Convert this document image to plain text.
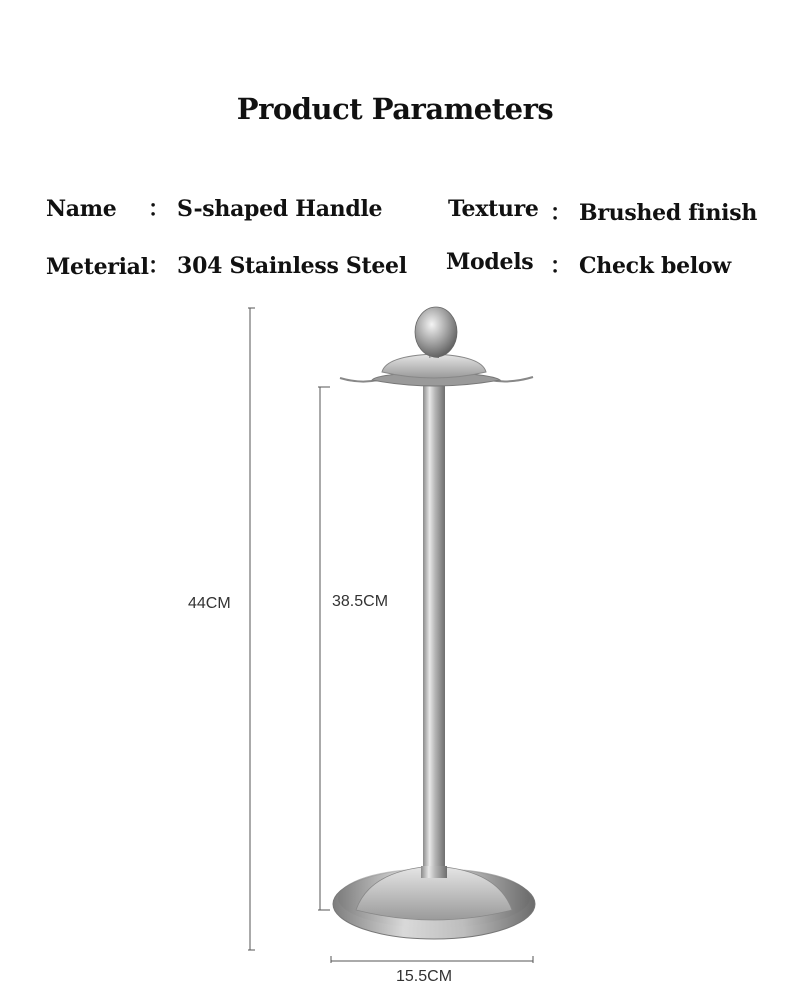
Product Parameters
Name ： S-shaped Handle
Meterial ： 304 Stainless Steel
Texture ： Brushed finish
Models ： Check below
44CM	38.5CM
15.5CM
